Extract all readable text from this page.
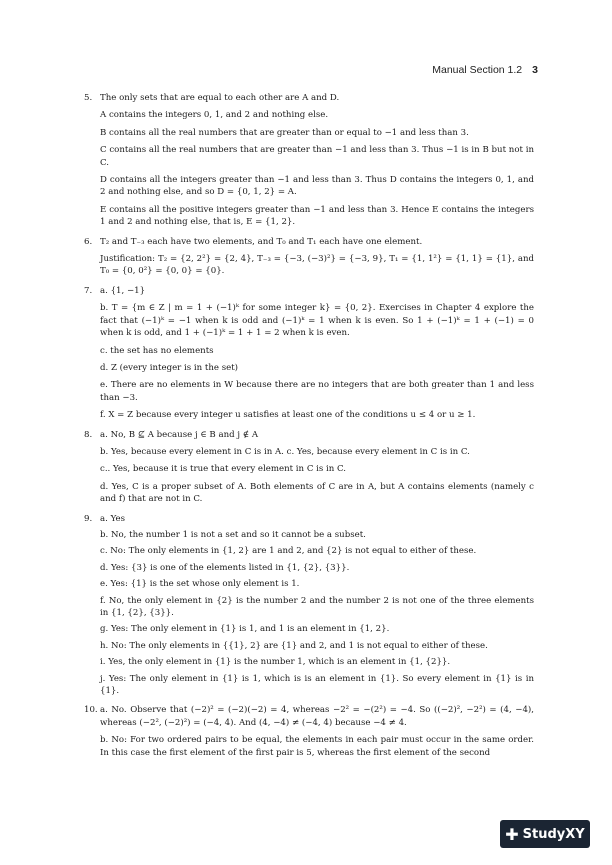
Manual Section 1.2 3
5. The only sets that are equal to each other are A and D.

A contains the integers 0, 1, and 2 and nothing else.

B contains all the real numbers that are greater than or equal to −1 and less than 3.

C contains all the real numbers that are greater than −1 and less than 3. Thus −1 is in B but not in C.

D contains all the integers greater than −1 and less than 3. Thus D contains the integers 0, 1, and 2 and nothing else, and so D = {0, 1, 2} = A.

E contains all the positive integers greater than −1 and less than 3. Hence E contains the integers 1 and 2 and nothing else, that is, E = {1, 2}.

6. T₂ and T₋₃ each have two elements, and T₀ and T₁ each have one element.

Justification: T₂ = {2, 2²} = {2, 4}, T₋₃ = {−3, (−3)²} = {−3, 9}, T₁ = {1, 1²} = {1, 1} = {1}, and T₀ = {0, 0²} = {0, 0} = {0}.

7. a. {1, −1}

b. T = {m ∈ Z | m = 1 + (−1)ᵏ for some integer k} = {0, 2}. Exercises in Chapter 4 explore the fact that (−1)ᵏ = −1 when k is odd and (−1)ᵏ = 1 when k is even. So 1 + (−1)ᵏ = 1 + (−1) = 0 when k is odd, and 1 + (−1)ᵏ = 1 + 1 = 2 when k is even.

c. the set has no elements

d. Z (every integer is in the set)

e. There are no elements in W because there are no integers that are both greater than 1 and less than −3.

f. X = Z because every integer u satisfies at least one of the conditions u ≤ 4 or u ≥ 1.

8. a. No, B ⊈ A because j ∈ B and j ∉ A

b. Yes, because every element in C is in A. c. Yes, because every element in C is in C.

c.. Yes, because it is true that every element in C is in C.

d. Yes, C is a proper subset of A. Both elements of C are in A, but A contains elements (namely c and f) that are not in C.

9. a. Yes

b. No, the number 1 is not a set and so it cannot be a subset.

c. No: The only elements in {1, 2} are 1 and 2, and {2} is not equal to either of these.

d. Yes: {3} is one of the elements listed in {1, {2}, {3}}.

e. Yes: {1} is the set whose only element is 1.

f. No, the only element in {2} is the number 2 and the number 2 is not one of the three elements in {1, {2}, {3}}.

g. Yes: The only element in {1} is 1, and 1 is an element in {1, 2}.

h. No: The only elements in {{1}, 2} are {1} and 2, and 1 is not equal to either of these.

i. Yes, the only element in {1} is the number 1, which is an element in {1, {2}}.

j. Yes: The only element in {1} is 1, which is is an element in {1}. So every element in {1} is in {1}.

10. a. No. Observe that (−2)² = (−2)(−2) = 4, whereas −2² = −(2²) = −4. So ((−2)², −2²) = (4, −4), whereas (−2², (−2)²) = (−4, 4). And (4, −4) ≠ (−4, 4) because −4 ≠ 4.

b. No: For two ordered pairs to be equal, the elements in each pair must occur in the same order. In this case the first element of the first pair is 5, whereas the first element of the second

✚ StudyXY
